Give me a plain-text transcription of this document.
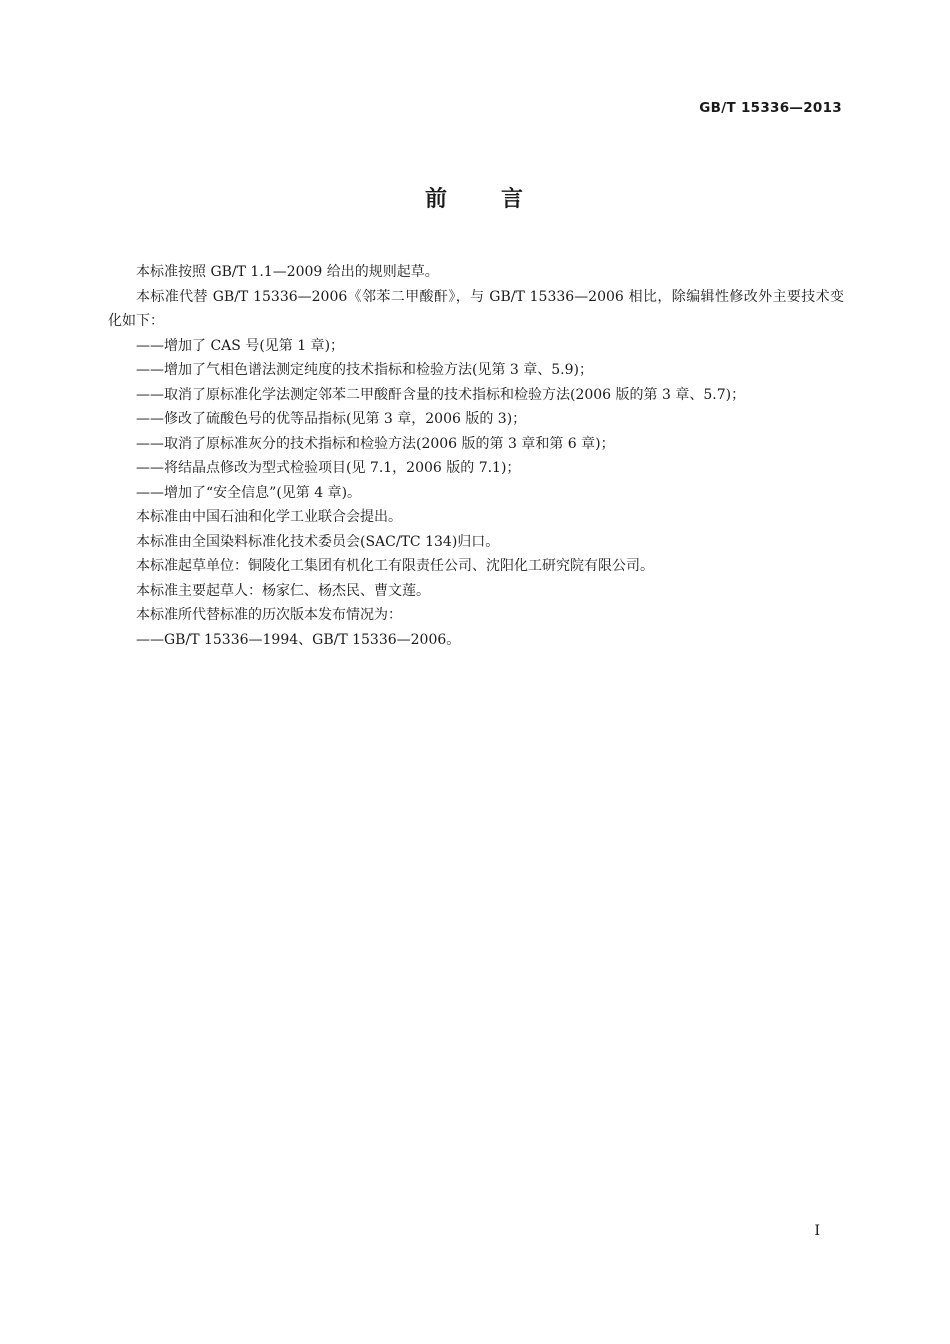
GB/T 15336—2013
前 言

本标准按照 GB/T 1.1—2009 给出的规则起草。

本标准代替 GB/T 15336—2006《邻苯二甲酸酐》，与 GB/T 15336—2006 相比，除编辑性修改外主要技术变化如下：

——增加了 CAS 号(见第 1 章)；

——增加了气相色谱法测定纯度的技术指标和检验方法(见第 3 章、5.9)；

——取消了原标准化学法测定邻苯二甲酸酐含量的技术指标和检验方法(2006 版的第 3 章、5.7)；

——修改了硫酸色号的优等品指标(见第 3 章，2006 版的 3)；

——取消了原标准灰分的技术指标和检验方法(2006 版的第 3 章和第 6 章)；

——将结晶点修改为型式检验项目(见 7.1，2006 版的 7.1)；

——增加了“安全信息”(见第 4 章)。

本标准由中国石油和化学工业联合会提出。

本标准由全国染料标准化技术委员会(SAC/TC 134)归口。

本标准起草单位：铜陵化工集团有机化工有限责任公司、沈阳化工研究院有限公司。

本标准主要起草人：杨家仁、杨杰民、曹文莲。

本标准所代替标准的历次版本发布情况为：

——GB/T 15336—1994、GB/T 15336—2006。

I
